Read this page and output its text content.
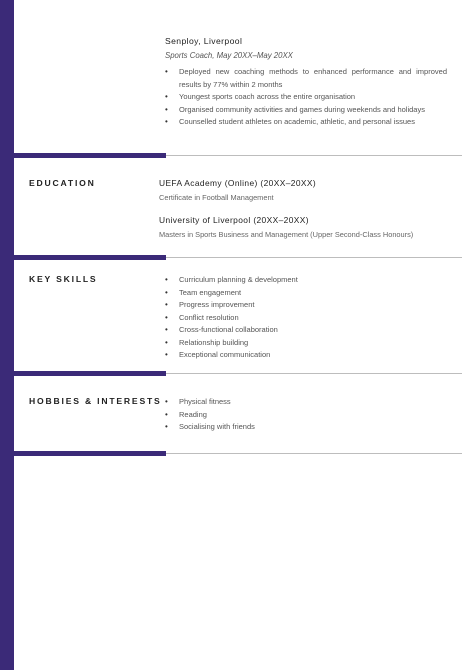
Senploy, Liverpool
Sports Coach, May 20XX–May 20XX
• Deployed new coaching methods to enhanced performance and improved results by 77% within 2 months
• Youngest sports coach across the entire organisation
• Organised community activities and games during weekends and holidays
• Counselled student athletes on academic, athletic, and personal issues
EDUCATION	UEFA Academy (Online) (20XX–20XX)
Certificate in Football Management
University of Liverpool (20XX–20XX)
Masters in Sports Business and Management (Upper Second-Class Honours)
KEY SKILLS	• Curriculum planning & development
• Team engagement
• Progress improvement
• Conflict resolution
• Cross-functional collaboration
• Relationship building
• Exceptional communication
HOBBIES & INTERESTS	• Physical fitness
• Reading
• Socialising with friends
